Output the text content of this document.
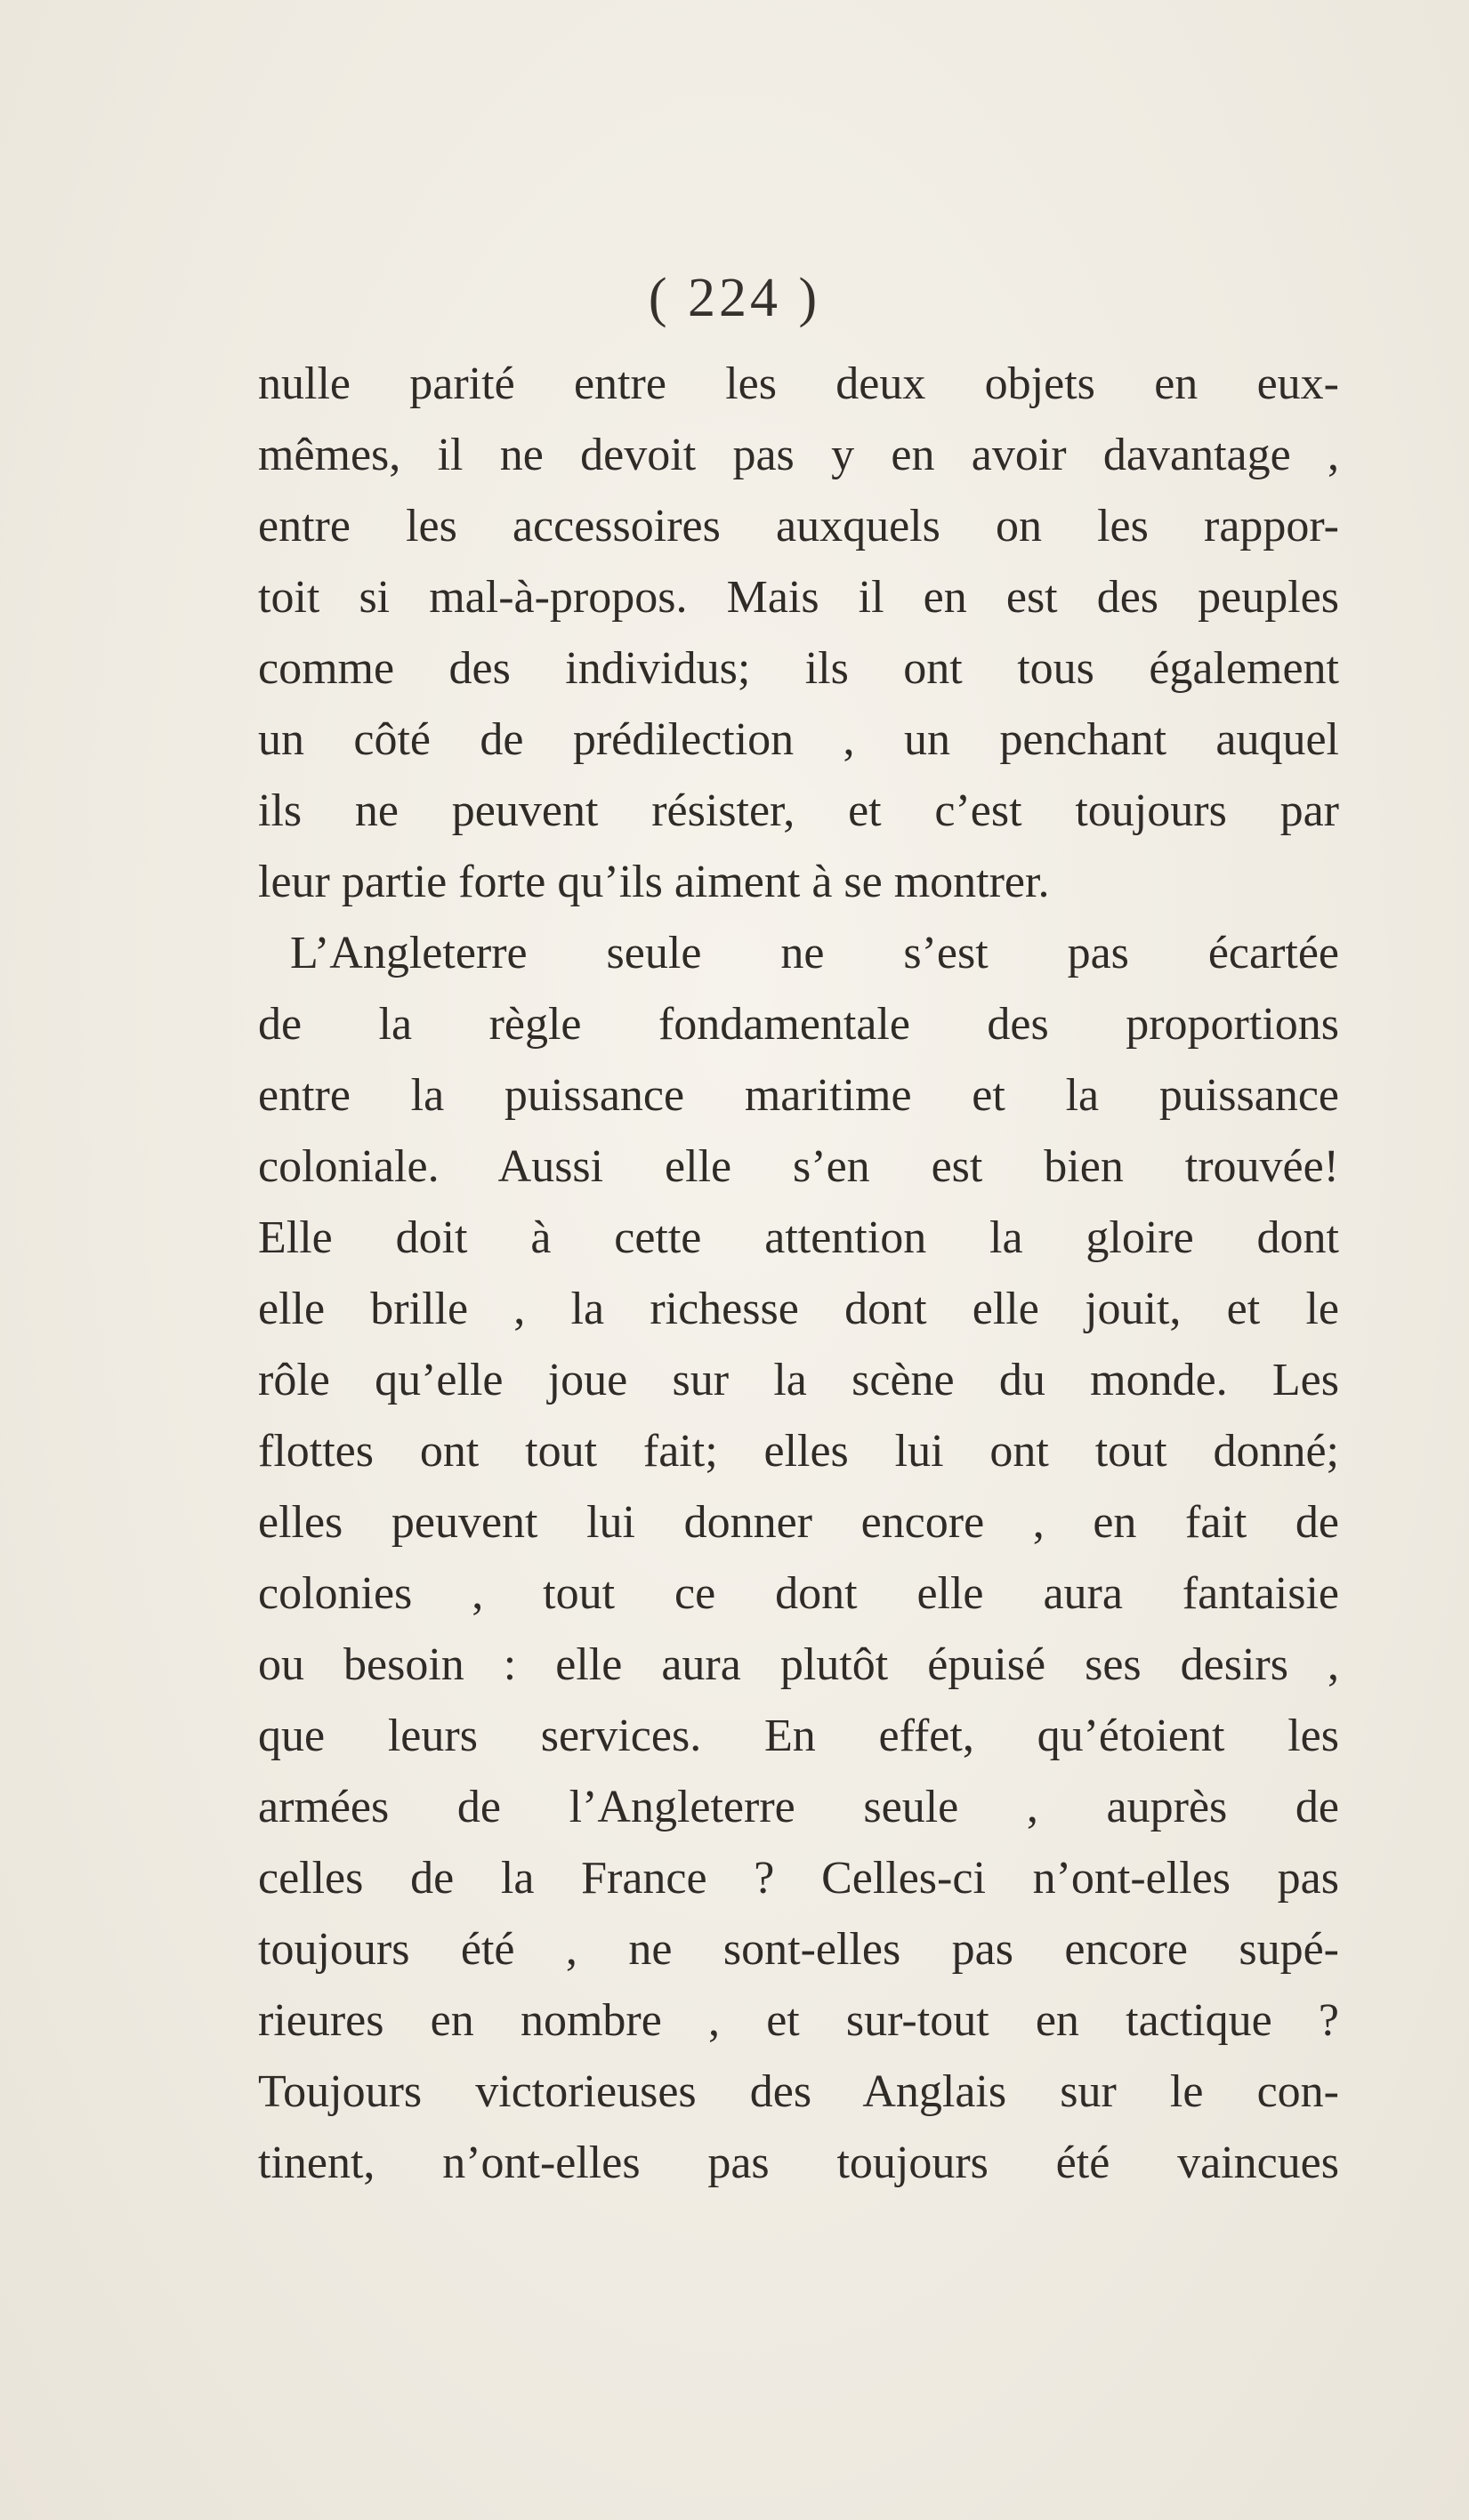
( 224 )
nulle parité entre les deux objets en eux-
mêmes, il ne devoit pas y en avoir davantage ,
entre les accessoires auxquels on les rappor-
toit si mal-à-propos. Mais il en est des peuples
comme des individus; ils ont tous également
un côté de prédilection , un penchant auquel
ils ne peuvent résister, et c’est toujours par
leur partie forte qu’ils aiment à se montrer.
L’Angleterre seule ne s’est pas écartée
de la règle fondamentale des proportions
entre la puissance maritime et la puissance
coloniale. Aussi elle s’en est bien trouvée!
Elle doit à cette attention la gloire dont
elle brille , la richesse dont elle jouit, et le
rôle qu’elle joue sur la scène du monde. Les
flottes ont tout fait; elles lui ont tout donné;
elles peuvent lui donner encore , en fait de
colonies , tout ce dont elle aura fantaisie
ou besoin : elle aura plutôt épuisé ses desirs ,
que leurs services. En effet, qu’étoient les
armées de l’Angleterre seule , auprès de
celles de la France ? Celles-ci n’ont-elles pas
toujours été , ne sont-elles pas encore supé-
rieures en nombre , et sur-tout en tactique ?
Toujours victorieuses des Anglais sur le con-
tinent, n’ont-elles pas toujours été vaincues
